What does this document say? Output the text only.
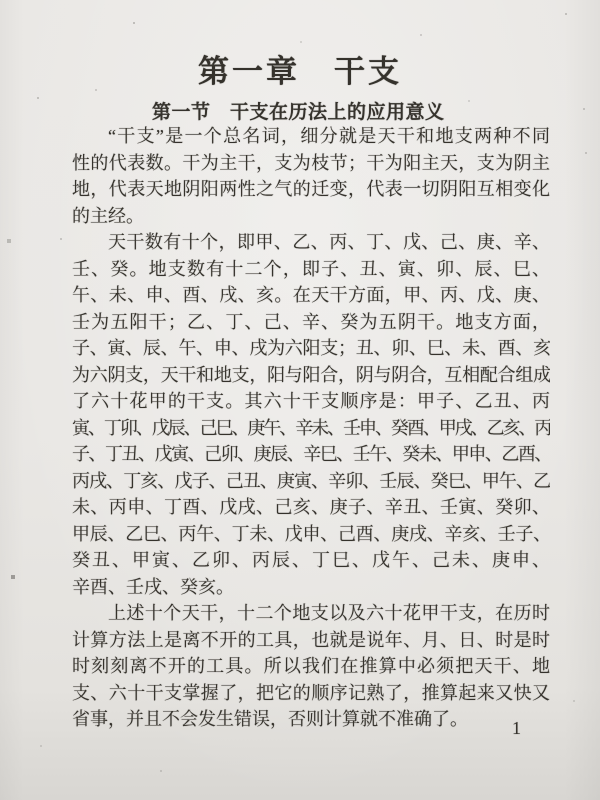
第一章　干支
第一节　干支在历法上的应用意义
“干支”是一个总名词，细分就是天干和地支两种不同
性的代表数。干为主干，支为枝节；干为阳主天，支为阴主
地，代表天地阴阳两性之气的迁变，代表一切阴阳互相变化
的主经。
天干数有十个，即甲、乙、丙、丁、戊、己、庚、辛、
壬、癸。地支数有十二个，即子、丑、寅、卯、辰、巳、
午、未、申、酉、戌、亥。在天干方面，甲、丙、戊、庚、
壬为五阳干；乙、丁、己、辛、癸为五阴干。地支方面，
子、寅、辰、午、申、戌为六阳支；丑、卯、巳、未、酉、亥
为六阴支，天干和地支，阳与阳合，阴与阴合，互相配合组成
了六十花甲的干支。其六十干支顺序是：甲子、乙丑、丙
寅、丁卯、戊辰、己巳、庚午、辛未、壬申、癸酉、甲戌、乙亥、丙
子、丁丑、戊寅、己卯、庚辰、辛巳、壬午、癸未、甲申、乙酉、
丙戌、丁亥、戊子、己丑、庚寅、辛卯、壬辰、癸巳、甲午、乙
未、丙申、丁酉、戊戌、己亥、庚子、辛丑、壬寅、癸卯、
甲辰、乙巳、丙午、丁未、戊申、己酉、庚戌、辛亥、壬子、
癸丑、甲寅、乙卯、丙辰、丁巳、戊午、己未、庚申、
辛酉、壬戌、癸亥。
上述十个天干，十二个地支以及六十花甲干支，在历时
计算方法上是离不开的工具，也就是说年、月、日、时是时
时刻刻离不开的工具。所以我们在推算中必须把天干、地
支、六十干支掌握了，把它的顺序记熟了，推算起来又快又
省事，并且不会发生错误，否则计算就不准确了。	1
